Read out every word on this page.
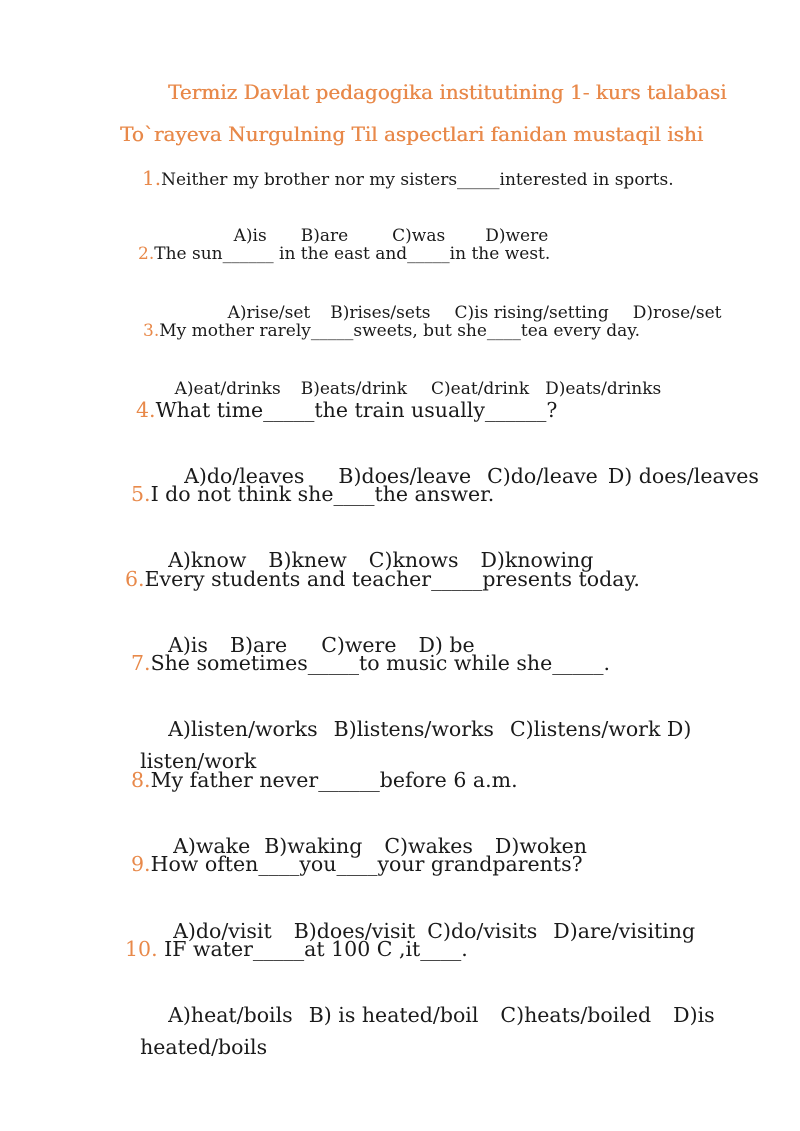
Termiz Davlat pedagogika institutining 1- kurs talabasi
To`rayeva Nurgulning Til aspectlari fanidan mustaqil ishi
1.Neither my brother nor my sisters_____interested in sports.

A)is B)are	C)was D)were

2.The sun______ in the east and_____in the west.

A)rise/set B)rises/sets C)is rising/setting D)rose/set

3.My mother rarely_____sweets, but she____tea every day.

A)eat/drinks B)eats/drink C)eat/drink D)eats/drinks

4.What time_____the train usually______?

A)do/leaves B)does/leave C)do/leave D) does/leaves

5.I do not think she____the answer.

A)know B)knew C)knows D)knowing

6.Every students and teacher_____presents today.

A)is B)are C)were D) be

7.She sometimes_____to music while she_____.

A)listen/works B)listens/works C)listens/work D)

listen/work

8.My father never______before 6 a.m.

A)wake B)waking C)wakes D)woken

9.How often____you____your grandparents?

A)do/visit B)does/visit C)do/visits D)are/visiting

10. IF water_____at 100 C ,it____.

A)heat/boils B) is heated/boil C)heats/boiled D)is

heated/boils
